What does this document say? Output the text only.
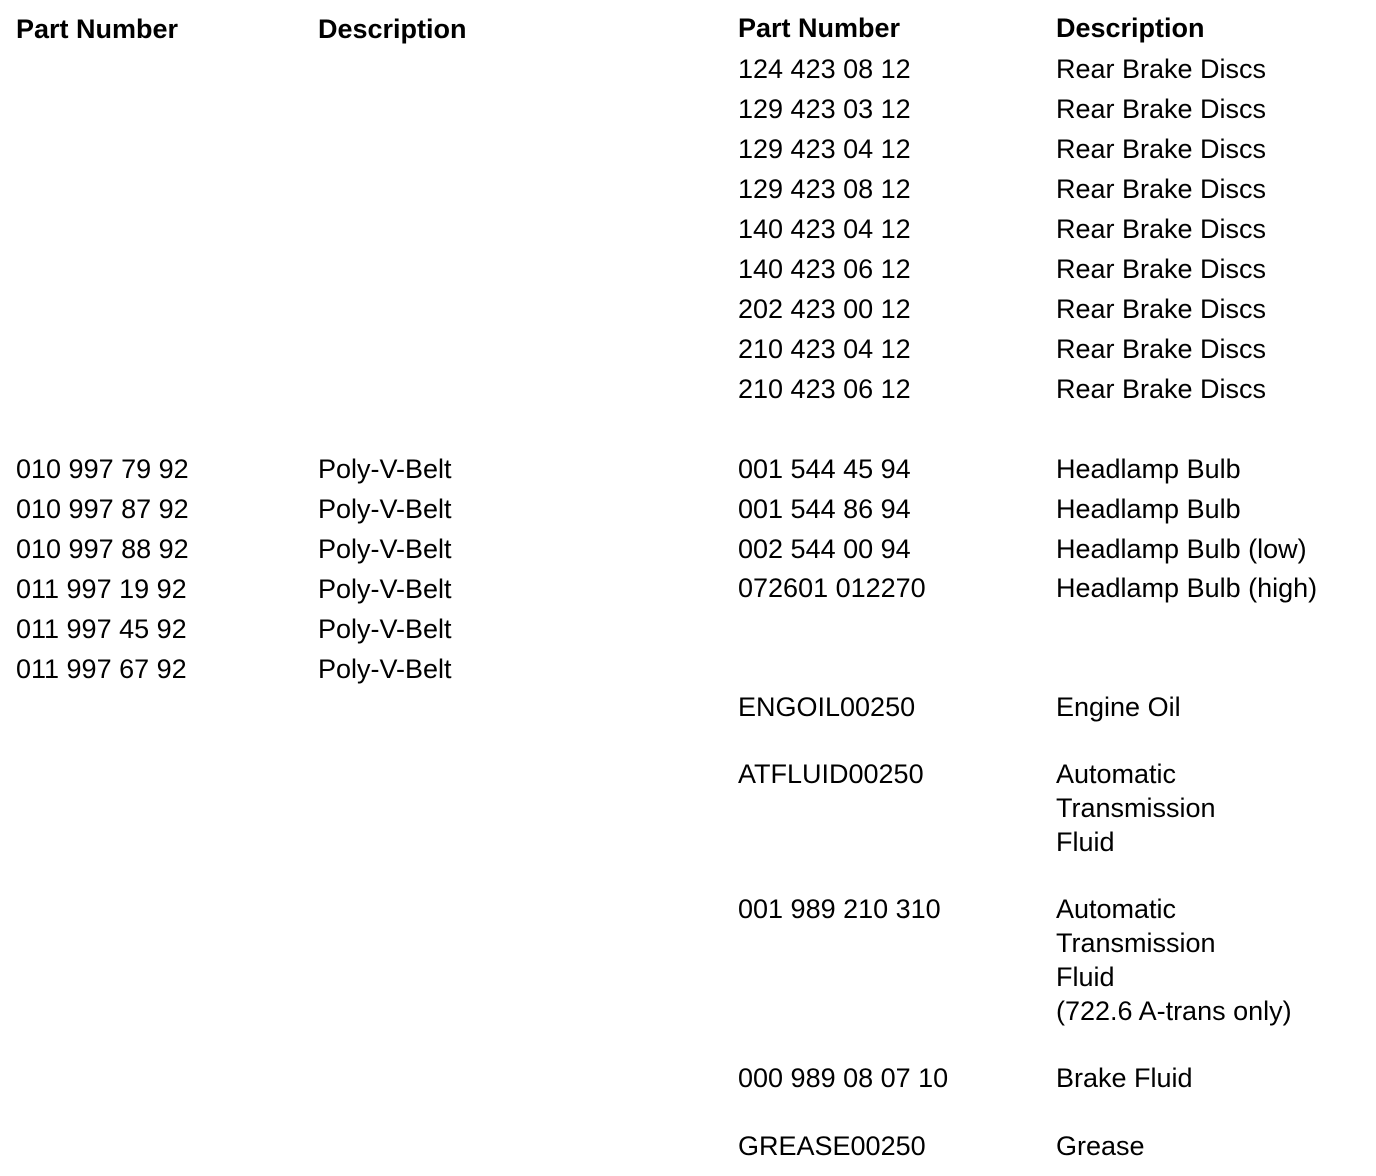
Part Number	Description	Part Number	Description
124 423 08 12	Rear Brake Discs
129 423 03 12	Rear Brake Discs
129 423 04 12	Rear Brake Discs
129 423 08 12	Rear Brake Discs
140 423 04 12	Rear Brake Discs
140 423 06 12	Rear Brake Discs
202 423 00 12	Rear Brake Discs
210 423 04 12	Rear Brake Discs
210 423 06 12	Rear Brake Discs
010 997 79 92	Poly-V-Belt
010 997 87 92	Poly-V-Belt
010 997 88 92	Poly-V-Belt
011 997 19 92	Poly-V-Belt
011 997 45 92	Poly-V-Belt
011 997 67 92	Poly-V-Belt
001 544 45 94	Headlamp Bulb
001 544 86 94	Headlamp Bulb
002 544 00 94	Headlamp Bulb (low)
072601 012270	Headlamp Bulb (high)
ENGOIL00250	Engine Oil
ATFLUID00250	Automatic
Transmission
Fluid
001 989 210 310	Automatic
Transmission
Fluid
(722.6 A-trans only)
000 989 08 07 10	Brake Fluid
GREASE00250	Grease
